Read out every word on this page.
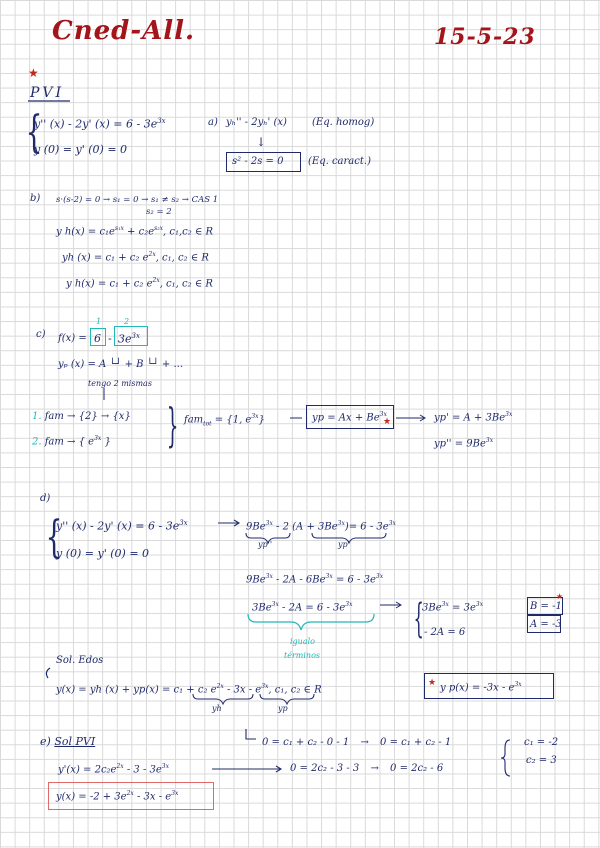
Cned-All.	15-5-23
★
PVI
{
y'' (x) - 2y' $(x) = 6 - 3e^{3x}$
y (0) = y' (0) = 0
a) yₕ'' - 2yₕ' (x)	(Eq. homog)
↓
s² - 2s = 0 (Eq. caract.)
b) s·(s-2) = 0 → s₁ = 0 → s₁ ≠ s₂ → CAS 1
s₂ = 2
y $h(x) = c_1e^{s_1x} + c_2e^{s_2x}$, c₁,c₂ ∈ R
yh (x) = c₁ + c₂ $e^{2x}$, c₁, c₂ ∈ R
y h(x) = c₁ + c₂ $e^{2x}$, c₁, c₂ ∈ R
c)
1	2
$f(x) = 6 - 3e^{3x}$
yₚ (x) = A └┘ + B └┘ + ...
tengo 2 mismas
1. fam → {2} → {x}
2. fam → { $e^{3x}$ } } fam$_{tot}$ = {1, $e^{3x}$}	yp = $Ax + Be^{3x}$
★	$yp' = A + 3Be^{3x}$
$yp'' = 9Be^{3x}$
d)
{
y'' (x) - 2y' $(x) = 6 - 3e^{3x}$
y (0) = y' (0) = 0
$9Be^{3x} - 2$ $(A + 3Be^{3x})= 6 - 3e^{3x}$
yp''	yp'
$9Be^{3x} - 2A - 6Be^{3x} = 6 - 3e^{3x}$
$3Be^{3x} - 2A = 6 - 3e^{3x}$
igualo
términos
{
$3Be^{3x} = 3e^{3x}$
- 2A = 6
B = -1
★
A = -3
Sol. Edos
y(x) = yh (x) + yp(x) = c₁ + c₂ $e^{2x} - 3x - e^{3x}$, c₁, c₂ ∈ R
yh	yp
★ y $p(x) = -3x - e^{3x}$
e) Sol PVI	0 = c₁ + c₂ - 0 - 1 → 0 = c₁ + c₂ - 1
$y'(x) = 2c_2e^{2x} - 3 - 3e^{3x}$	0 = 2c₂ - 3 - 3 → 0 = 2c₂ - 6
c₁ = -2
c₂ = 3
$y(x) = -2 + 3e^{2x} - 3x - e^{3x}$
